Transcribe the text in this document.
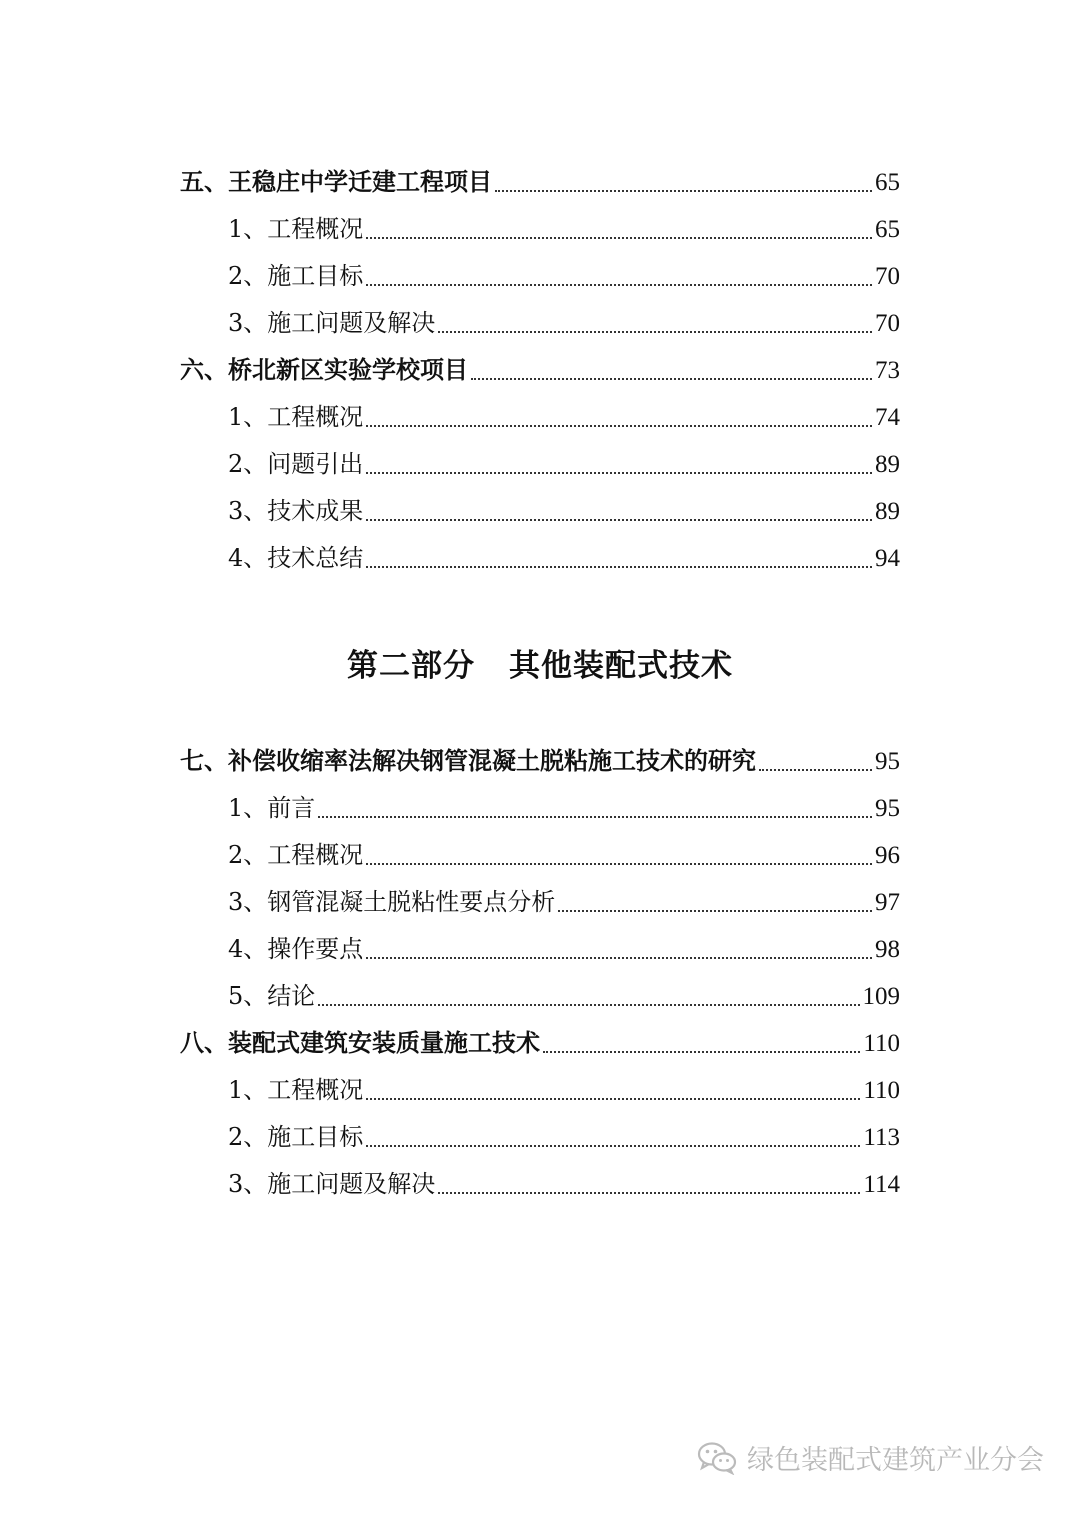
五、王稳庄中学迁建工程项目	65
1、工程概况	65
2、施工目标	70
3、施工问题及解决	70
六、桥北新区实验学校项目	73
1、工程概况	74
2、问题引出	89
3、技术成果	89
4、技术总结	94
第二部分 其他装配式技术
七、补偿收缩率法解决钢管混凝土脱粘施工技术的研究	95
1、前言	95
2、工程概况	96
3、钢管混凝土脱粘性要点分析	97
4、操作要点	98
5、结论	109
八、装配式建筑安装质量施工技术	110
1、工程概况	110
2、施工目标	113
3、施工问题及解决	114
绿色装配式建筑产业分会
